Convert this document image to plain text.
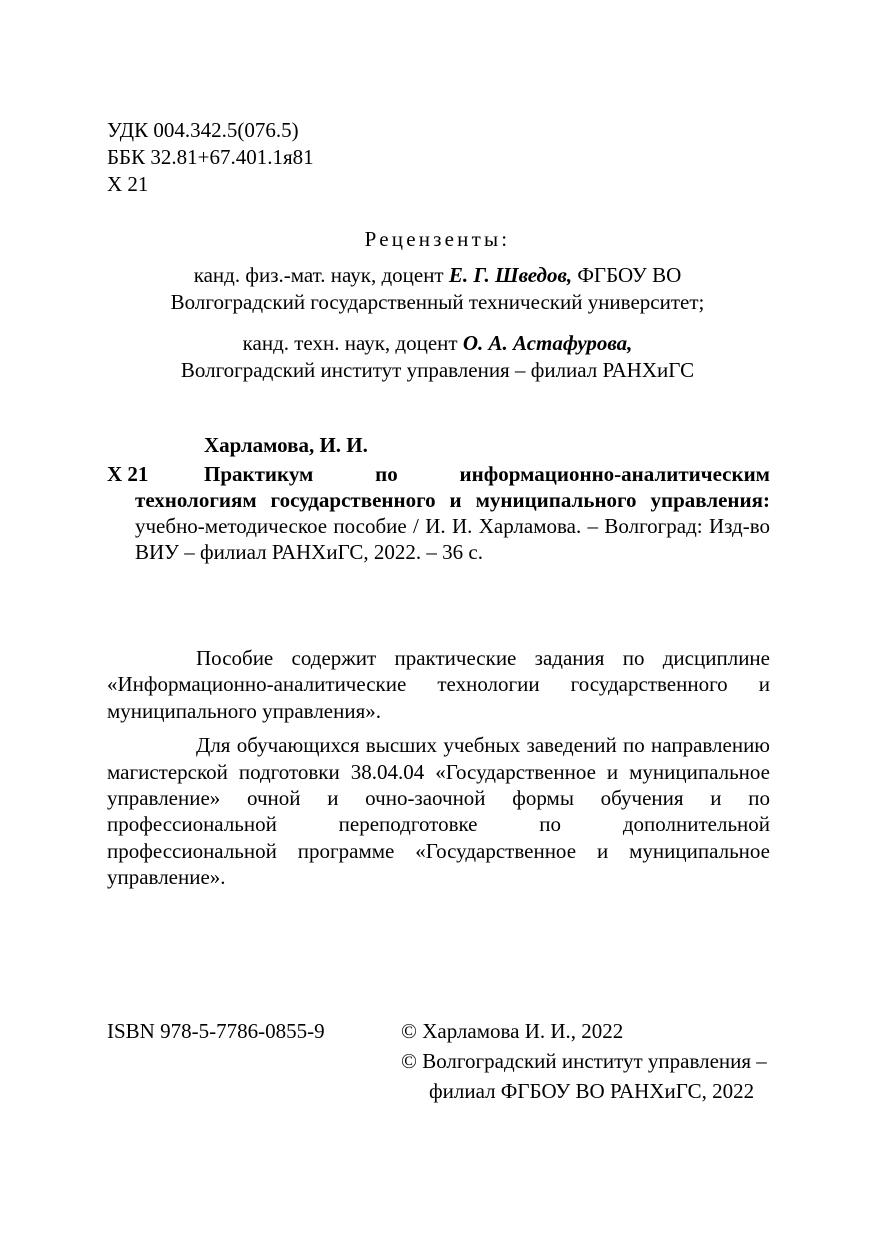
УДК 004.342.5(076.5)
ББК 32.81+67.401.1я81
Х 21
Рецензенты:
канд. физ.-мат. наук, доцент Е. Г. Шведов, ФГБОУ ВО
Волгоградский государственный технический университет;
канд. техн. наук, доцент О. А. Астафурова,
Волгоградский институт управления – филиал РАНХиГС
Харламова, И. И.
Х 21	Практикум по информационно-аналитическим технологиям государственного и муниципального управления: учебно-методическое пособие / И. И. Харламова. – Волгоград: Изд-во ВИУ – филиал РАНХиГС, 2022. – 36 с.

Пособие содержит практические задания по дисциплине «Информационно-аналитические технологии государственного и муниципального управления».

Для обучающихся высших учебных заведений по направлению магистерской подготовки 38.04.04 «Государственное и муниципальное управление» очной и очно-заочной формы обучения и по профессиональной переподготовке по дополнительной профессиональной программе «Государственное и муниципальное управление».

ISBN 978-5-7786-0855-9	© Харламова И. И., 2022
© Волгоградский институт управления –
филиал ФГБОУ ВО РАНХиГС, 2022
